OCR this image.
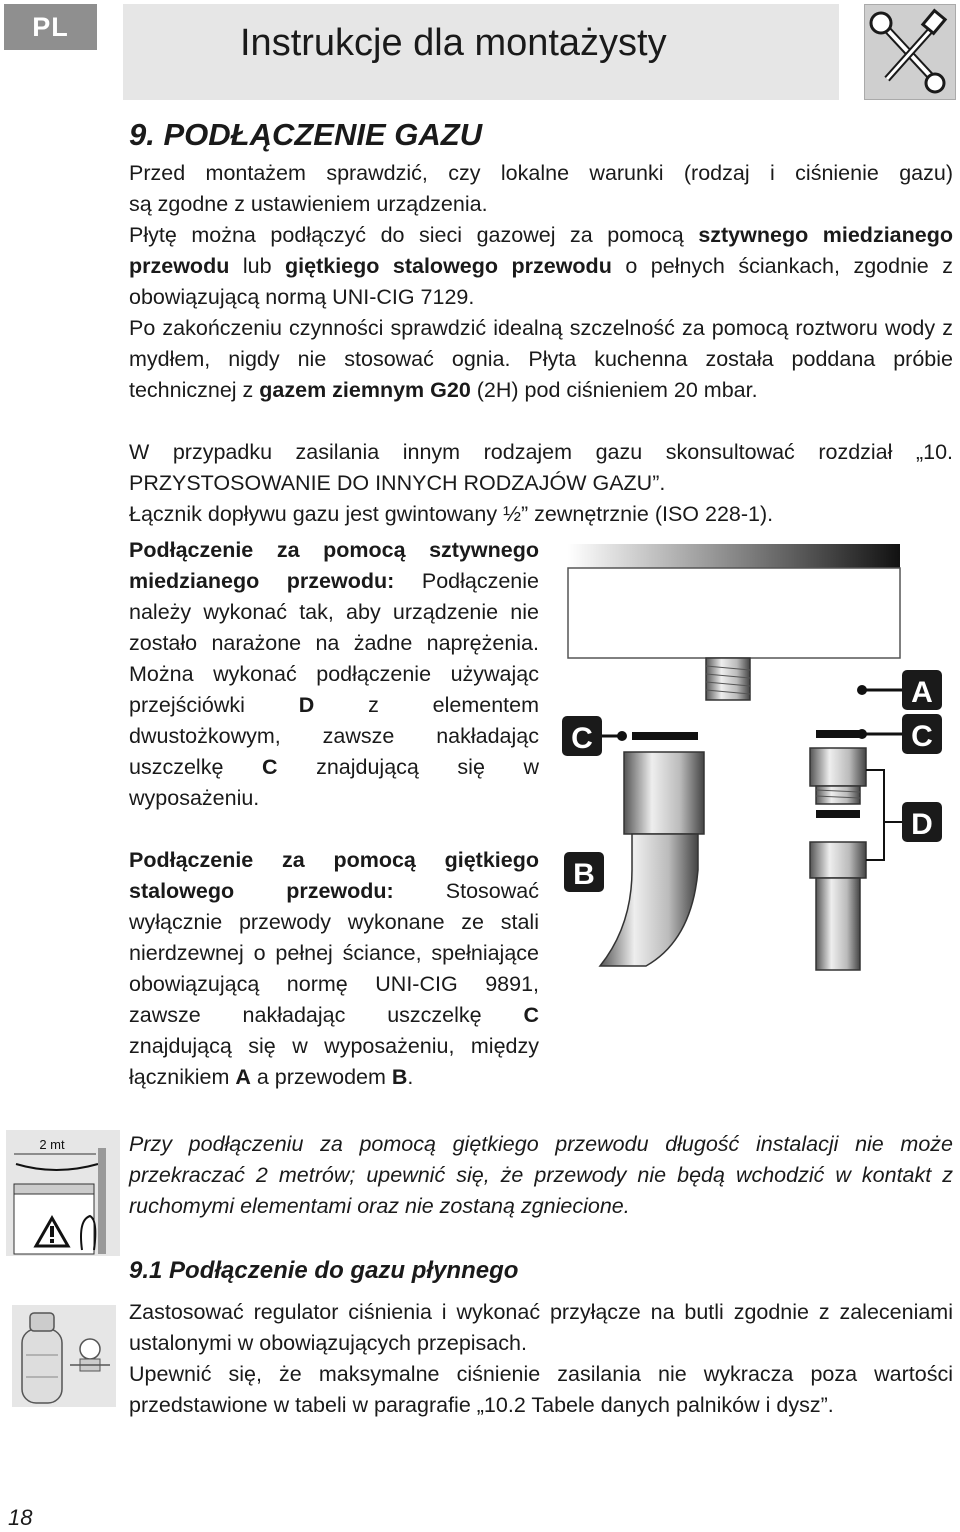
PL	Instrukcje dla montażysty
9. PODŁĄCZENIE GAZU
Przed montażem sprawdzić, czy lokalne warunki (rodzaj i ciśnienie gazu)
są zgodne z ustawieniem urządzenia.
Płytę można podłączyć do sieci gazowej za pomocą sztywnego miedzianego przewodu lub giętkiego stalowego przewodu o pełnych ściankach, zgodnie z obowiązującą normą UNI-CIG 7129.
Po zakończeniu czynności sprawdzić idealną szczelność za pomocą roztworu wody z mydłem, nigdy nie stosować ognia. Płyta kuchenna została poddana próbie technicznej z gazem ziemnym G20 (2H) pod ciśnieniem 20 mbar.
W przypadku zasilania innym rodzajem gazu skonsultować rozdział „10.
PRZYSTOSOWANIE DO INNYCH RODZAJÓW GAZU”.
Łącznik dopływu gazu jest gwintowany ½” zewnętrznie (ISO 228-1).
Podłączenie za pomocą sztywnego miedzianego przewodu: Podłączenie należy wykonać tak, aby urządzenie nie zostało narażone na żadne naprężenia. Można wykonać podłączenie używając przejściówki D z elementem dwustożkowym, zawsze nakładając uszczelkę C znajdującą się w wyposażeniu.
Podłączenie za pomocą giętkiego stalowego przewodu: Stosować wyłącznie przewody wykonane ze stali nierdzewnej o pełnej ściance, spełniające obowiązującą normę UNI-CIG 9891, zawsze nakładając uszczelkę C znajdującą się w wyposażeniu, między łącznikiem A a przewodem B.
A
C
D
C
B
2 mt	Przy podłączeniu za pomocą giętkiego przewodu długość instalacji nie może przekraczać 2 metrów; upewnić się, że przewody nie będą wchodzić w kontakt z ruchomymi elementami oraz nie zostaną zgniecione.
9.1 Podłączenie do gazu płynnego
Zastosować regulator ciśnienia i wykonać przyłącze na butli zgodnie z zaleceniami ustalonymi w obowiązujących przepisach.
Upewnić się, że maksymalne ciśnienie zasilania nie wykracza poza wartości przedstawione w tabeli w paragrafie „10.2 Tabele danych palników i dysz”.
18
